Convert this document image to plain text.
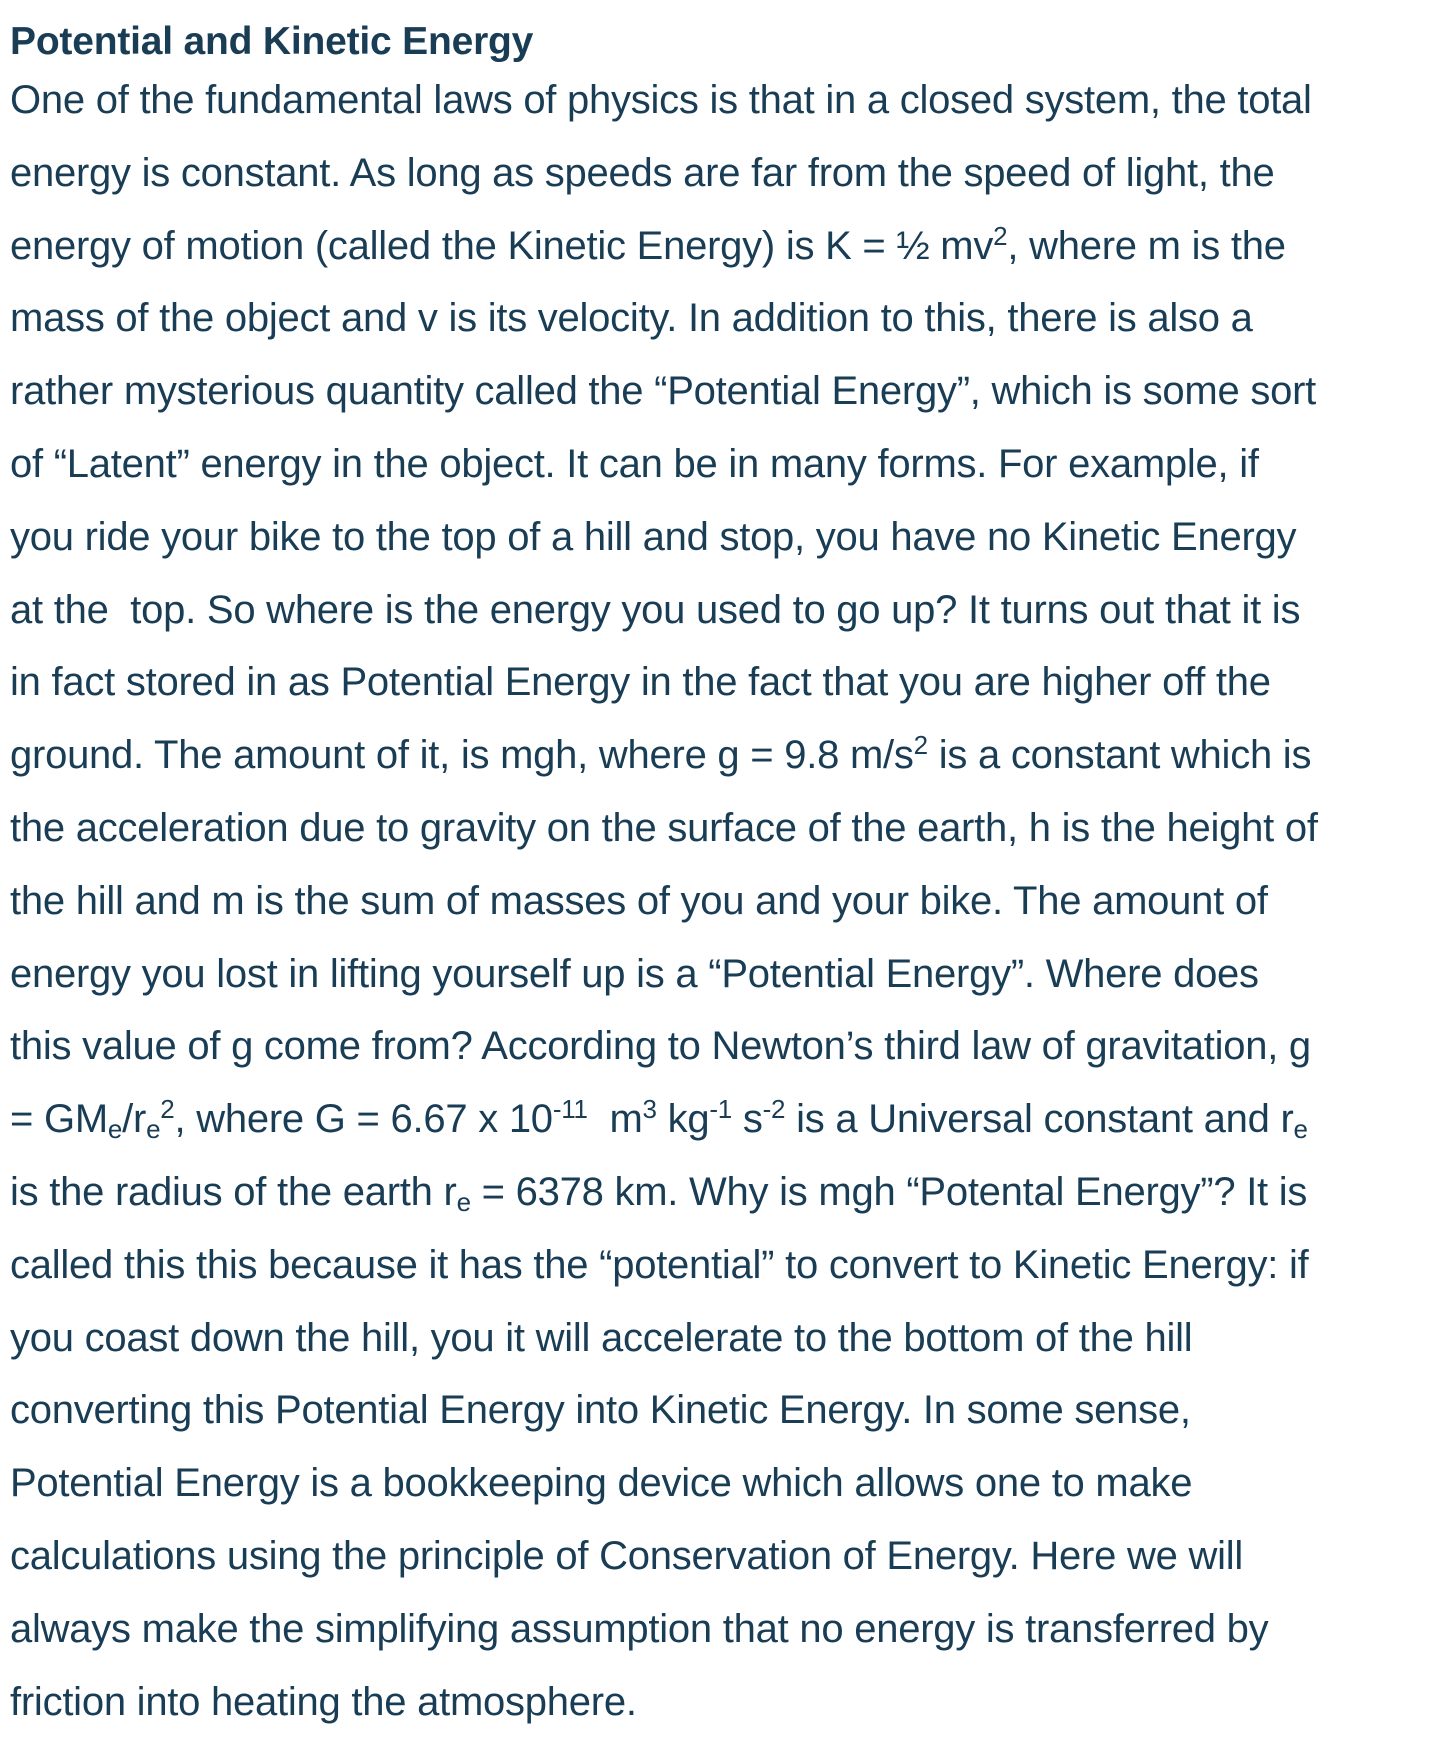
Potential and Kinetic Energy
One of the fundamental laws of physics is that in a closed system, the total
energy is constant. As long as speeds are far from the speed of light, the
energy of motion (called the Kinetic Energy) is K = ½ $mv^2$, where m is the
mass of the object and v is its velocity. In addition to this, there is also a
rather mysterious quantity called the “Potential Energy”, which is some sort
of “Latent” energy in the object. It can be in many forms. For example, if
you ride your bike to the top of a hill and stop, you have no Kinetic Energy
at the  top. So where is the energy you used to go up? It turns out that it is
in fact stored in as Potential Energy in the fact that you are higher off the
ground. The amount of it, is mgh, where g = 9.8 $m/s^2$ is a constant which is
the acceleration due to gravity on the surface of the earth, h is the height of
the hill and m is the sum of masses of you and your bike. The amount of
energy you lost in lifting yourself up is a “Potential Energy”. Where does
this value of g come from? According to Newton’s third law of gravitation, g
= $GM_e/r_e^2$, where G = 6.67 x $10^{-11}$  $m^3$ $kg^{-1}$ $s^{-2}$ is a Universal constant and $r_e$
is the radius of the earth $r_e = 6378$ km. Why is mgh “Potental Energy”? It is
called this this because it has the “potential” to convert to Kinetic Energy: if
you coast down the hill, you it will accelerate to the bottom of the hill
converting this Potential Energy into Kinetic Energy. In some sense,
Potential Energy is a bookkeeping device which allows one to make
calculations using the principle of Conservation of Energy. Here we will
always make the simplifying assumption that no energy is transferred by
friction into heating the atmosphere.
